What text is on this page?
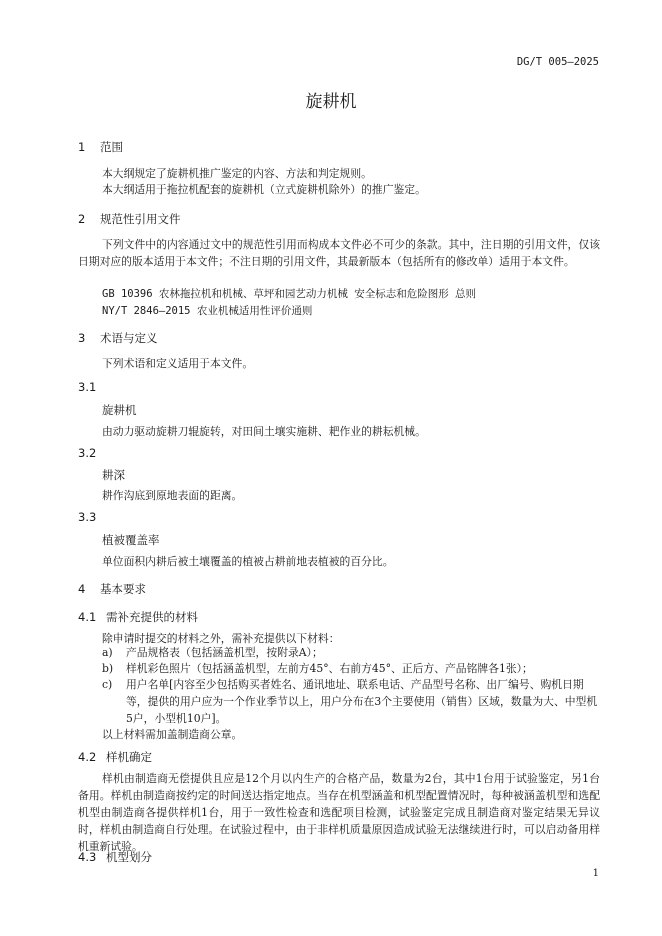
DG/T 005—2025
旋耕机
1 范围
本大纲规定了旋耕机推广鉴定的内容、方法和判定规则。
本大纲适用于拖拉机配套的旋耕机（立式旋耕机除外）的推广鉴定。
2 规范性引用文件
下列文件中的内容通过文中的规范性引用而构成本文件必不可少的条款。其中，注日期的引用文件，仅该日期对应的版本适用于本文件；不注日期的引用文件，其最新版本（包括所有的修改单）适用于本文件。
GB 10396 农林拖拉机和机械、草坪和园艺动力机械 安全标志和危险图形 总则
NY/T 2846—2015 农业机械适用性评价通则
3 术语与定义
下列术语和定义适用于本文件。
3.1
旋耕机
由动力驱动旋耕刀辊旋转，对田间土壤实施耕、耙作业的耕耘机械。
3.2
耕深
耕作沟底到原地表面的距离。
3.3
植被覆盖率
单位面积内耕后被土壤覆盖的植被占耕前地表植被的百分比。
4 基本要求
4.1 需补充提供的材料
除申请时提交的材料之外，需补充提供以下材料：
a)	产品规格表（包括涵盖机型，按附录A）；
b)	样机彩色照片（包括涵盖机型，左前方45°、右前方45°、正后方、产品铭牌各1张）；
c)	用户名单[内容至少包括购买者姓名、通讯地址、联系电话、产品型号名称、出厂编号、购机日期等，提供的用户应为一个作业季节以上，用户分布在3个主要使用（销售）区域，数量为大、中型机5户，小型机10户]。
以上材料需加盖制造商公章。
4.2 样机确定
样机由制造商无偿提供且应是12个月以内生产的合格产品，数量为2台，其中1台用于试验鉴定，另1台备用。样机由制造商按约定的时间送达指定地点。当存在机型涵盖和机型配置情况时，每种被涵盖机型和选配机型由制造商各提供样机1台，用于一致性检查和选配项目检测，试验鉴定完成且制造商对鉴定结果无异议时，样机由制造商自行处理。在试验过程中，由于非样机质量原因造成试验无法继续进行时，可以启动备用样机重新试验。
4.3 机型划分
1
